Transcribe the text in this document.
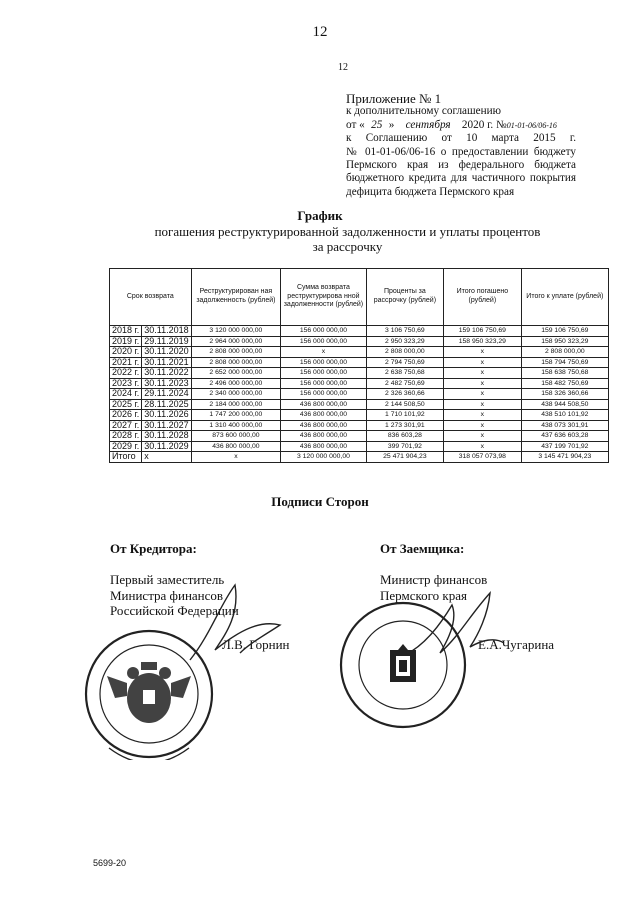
12
12
Приложение № 1
к дополнительному соглашению
от « 25 » сентября 2020 г. №01-01-06/06-16
к Соглашению от 10 марта 2015 г.
№ 01-01-06/06-16 о предоставлении бюджету
Пермского края из федерального бюджета
бюджетного кредита для частичного покрытия
дефицита бюджета Пермского края
График
погашения реструктурированной задолженности и уплаты процентов за рассрочку
Срок возврата		Реструктурирован ная задолженность (рублей)	Сумма возврата реструктурирова нной задолженности (рублей)	Проценты за рассрочку (рублей)	Итого погашено (рублей)	Итого к уплате (рублей)
2018 г.	30.11.2018	3 120 000 000,00	156 000 000,00	3 106 750,69	159 106 750,69	159 106 750,69
2019 г.	29.11.2019	2 964 000 000,00	156 000 000,00	2 950 323,29	158 950 323,29	158 950 323,29
2020 г.	30.11.2020	2 808 000 000,00	x	2 808 000,00	x	2 808 000,00
2021 г.	30.11.2021	2 808 000 000,00	156 000 000,00	2 794 750,69	x	158 794 750,69
2022 г.	30.11.2022	2 652 000 000,00	156 000 000,00	2 638 750,68	x	158 638 750,68
2023 г.	30.11.2023	2 496 000 000,00	156 000 000,00	2 482 750,69	x	158 482 750,69
2024 г.	29.11.2024	2 340 000 000,00	156 000 000,00	2 326 360,66	x	158 326 360,66
2025 г.	28.11.2025	2 184 000 000,00	436 800 000,00	2 144 508,50	x	438 944 508,50
2026 г.	30.11.2026	1 747 200 000,00	436 800 000,00	1 710 101,92	x	438 510 101,92
2027 г.	30.11.2027	1 310 400 000,00	436 800 000,00	1 273 301,91	x	438 073 301,91
2028 г.	30.11.2028	873 600 000,00	436 800 000,00	836 603,28	x	437 636 603,28
2029 г.	30.11.2029	436 800 000,00	436 800 000,00	399 701,92	x	437 199 701,92
Итого	x	x	3 120 000 000,00	25 471 904,23	318 057 073,98	3 145 471 904,23
Подписи Сторон
От Кредитора:	От Заемщика:
Первый заместитель
Министра финансов
Российской Федерации
Л.В. Горнин
Министр финансов
Пермского края
Е.А.Чугарина
5699-20
